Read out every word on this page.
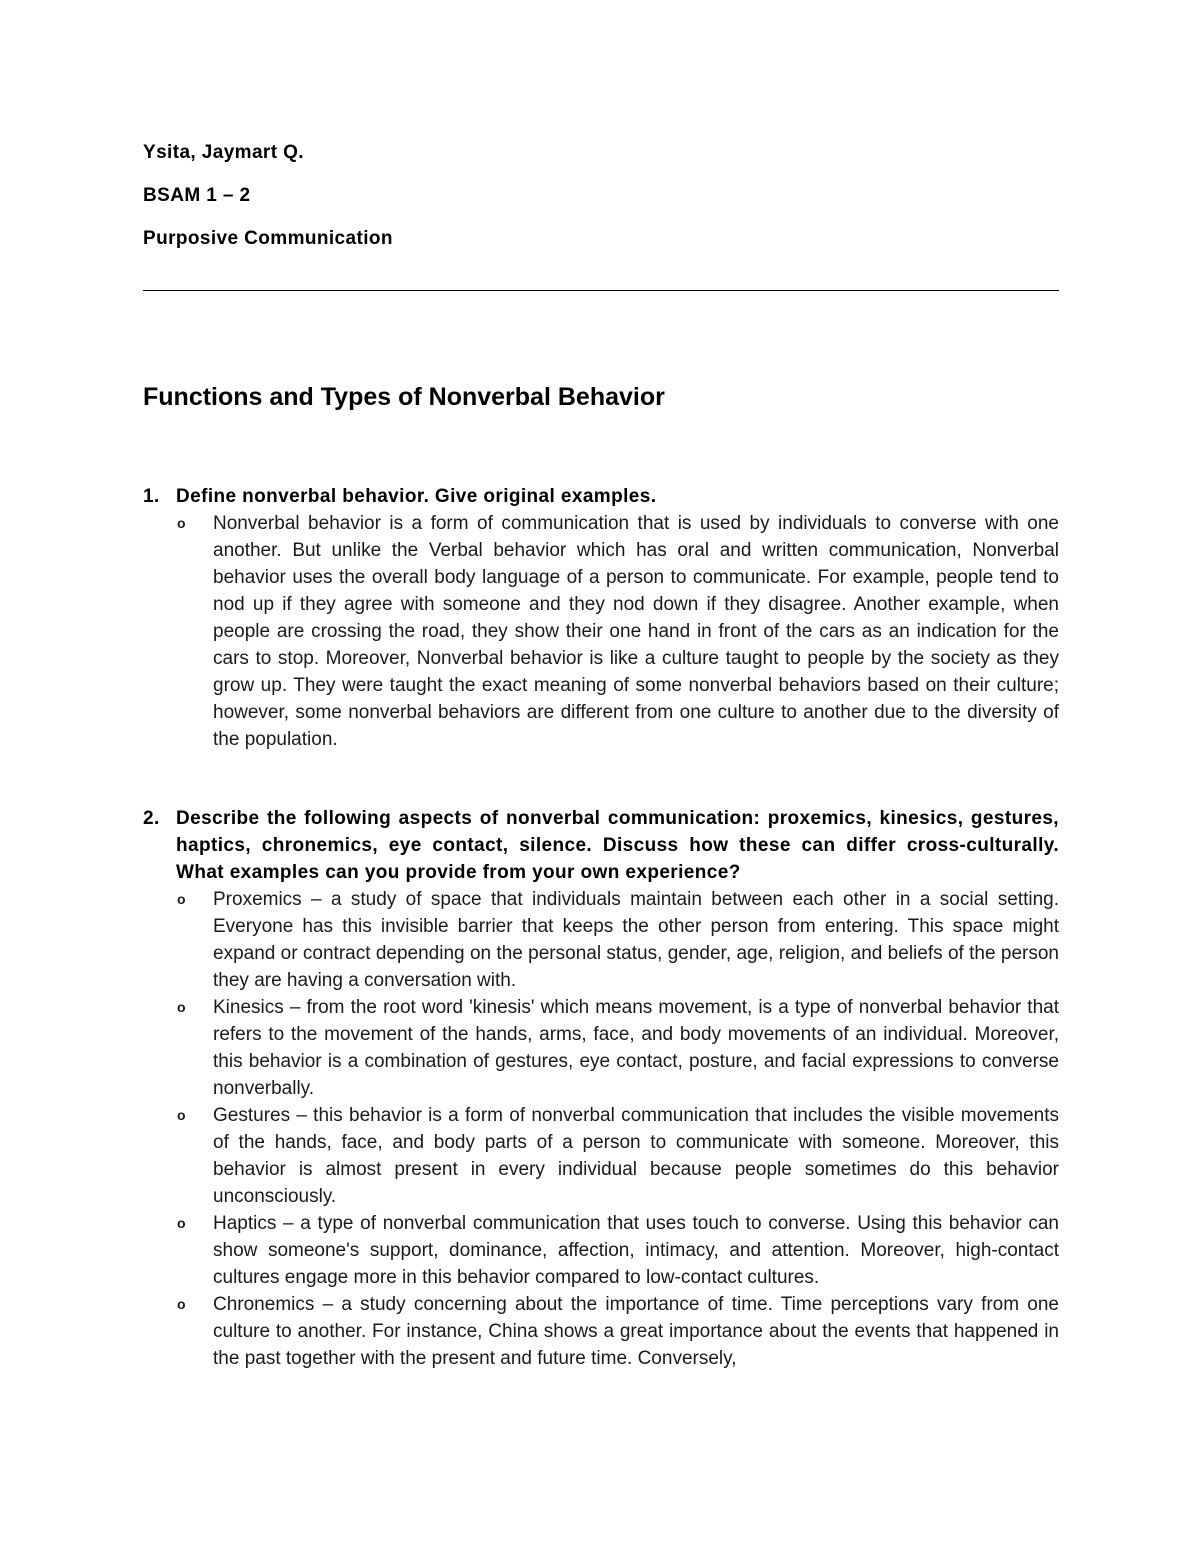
Ysita, Jaymart Q.
BSAM 1 – 2
Purposive Communication
Functions and Types of Nonverbal Behavior
1. Define nonverbal behavior. Give original examples.
o	Nonverbal behavior is a form of communication that is used by individuals to converse with one another. But unlike the Verbal behavior which has oral and written communication, Nonverbal behavior uses the overall body language of a person to communicate. For example, people tend to nod up if they agree with someone and they nod down if they disagree. Another example, when people are crossing the road, they show their one hand in front of the cars as an indication for the cars to stop. Moreover, Nonverbal behavior is like a culture taught to people by the society as they grow up. They were taught the exact meaning of some nonverbal behaviors based on their culture; however, some nonverbal behaviors are different from one culture to another due to the diversity of the population.
2. Describe the following aspects of nonverbal communication: proxemics, kinesics, gestures, haptics, chronemics, eye contact, silence. Discuss how these can differ cross-culturally. What examples can you provide from your own experience?
o	Proxemics – a study of space that individuals maintain between each other in a social setting. Everyone has this invisible barrier that keeps the other person from entering. This space might expand or contract depending on the personal status, gender, age, religion, and beliefs of the person they are having a conversation with.
o	Kinesics – from the root word 'kinesis' which means movement, is a type of nonverbal behavior that refers to the movement of the hands, arms, face, and body movements of an individual. Moreover, this behavior is a combination of gestures, eye contact, posture, and facial expressions to converse nonverbally.
o	Gestures – this behavior is a form of nonverbal communication that includes the visible movements of the hands, face, and body parts of a person to communicate with someone. Moreover, this behavior is almost present in every individual because people sometimes do this behavior unconsciously.
o	Haptics – a type of nonverbal communication that uses touch to converse. Using this behavior can show someone's support, dominance, affection, intimacy, and attention. Moreover, high-contact cultures engage more in this behavior compared to low-contact cultures.
o	Chronemics – a study concerning about the importance of time. Time perceptions vary from one culture to another. For instance, China shows a great importance about the events that happened in the past together with the present and future time. Conversely,
